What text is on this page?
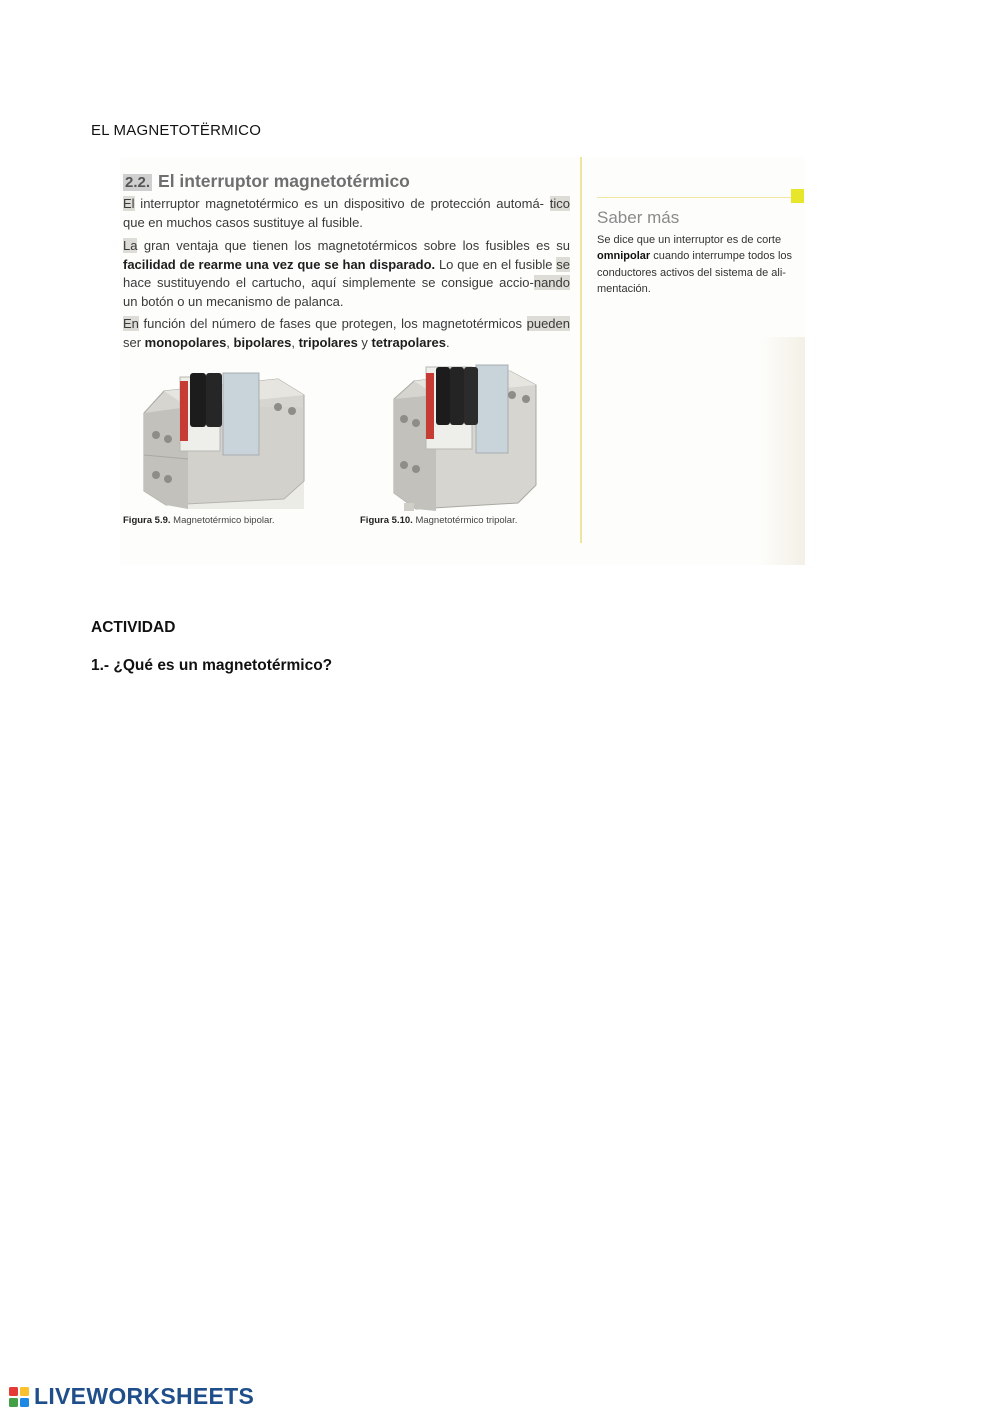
EL MAGNETOTËRMICO
2.2. El interruptor magnetotérmico

El interruptor magnetotérmico es un dispositivo de protección automá- tico que en muchos casos sustituye al fusible.

La gran ventaja que tienen los magnetotérmicos sobre los fusibles es su facilidad de rearme una vez que se han disparado. Lo que en el fusible se hace sustituyendo el cartucho, aquí simplemente se consigue accio-nando un botón o un mecanismo de palanca.

En función del número de fases que protegen, los magnetotérmicos pueden ser monopolares, bipolares, tripolares y tetrapolares.

Saber más

Se dice que un interruptor es de corte omnipolar cuando interrumpe todos los conductores activos del sistema de ali-mentación.

Figura 5.9. Magnetotérmico bipolar.	Figura 5.10. Magnetotérmico tripolar.
ACTIVIDAD
1.- ¿Qué es un magnetotérmico?
LIVEWORKSHEETS
